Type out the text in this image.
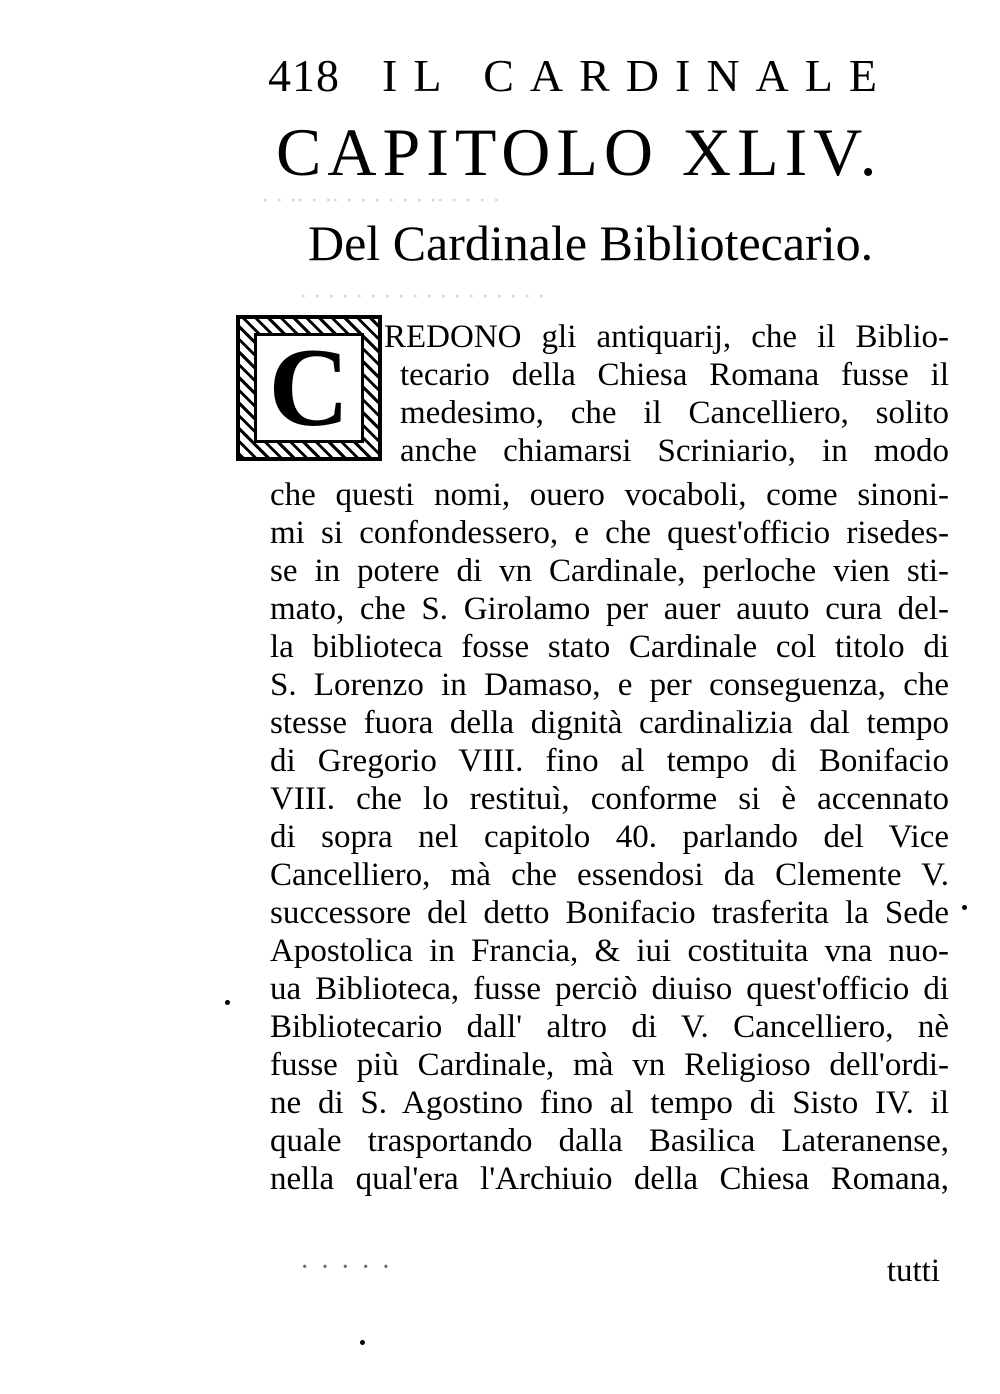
· · ·· · ·· · · · · · · ·· · · · ·
· · · · · · · · · · · · · · · · · ·
418 IL CARDINALE
CAPITOLO XLIV.
Del Cardinale Bibliotecario.
C	REDONO gli antiquarij, che il Biblio-
tecario della Chiesa Romana fusse il
medesimo, che il Cancelliero, solito
anche chiamarsi Scriniario, in modo
che questi nomi, ouero vocaboli, come sinoni-
mi si confondessero, e che quest'officio risedes-
se in potere di vn Cardinale, perloche vien sti-
mato, che S. Girolamo per auer auuto cura del-
la biblioteca fosse stato Cardinale col titolo di
S. Lorenzo in Damaso, e per conseguenza, che
stesse fuora della dignità cardinalizia dal tempo
di Gregorio VIII. fino al tempo di Bonifacio
VIII. che lo restituì, conforme si è accennato
di sopra nel capitolo 40. parlando del Vice
Cancelliero, mà che essendosi da Clemente V.
successore del detto Bonifacio trasferita la Sede
Apostolica in Francia, & iui costituita vna nuo-
ua Biblioteca, fusse perciò diuiso quest'officio di
Bibliotecario dall' altro di V. Cancelliero, nè
fusse più Cardinale, mà vn Religioso dell'ordi-
ne di S. Agostino fino al tempo di Sisto IV. il
quale trasportando dalla Basilica Lateranense,
nella qual'era l'Archiuio della Chiesa Romana,
· · · · ·	tutti
